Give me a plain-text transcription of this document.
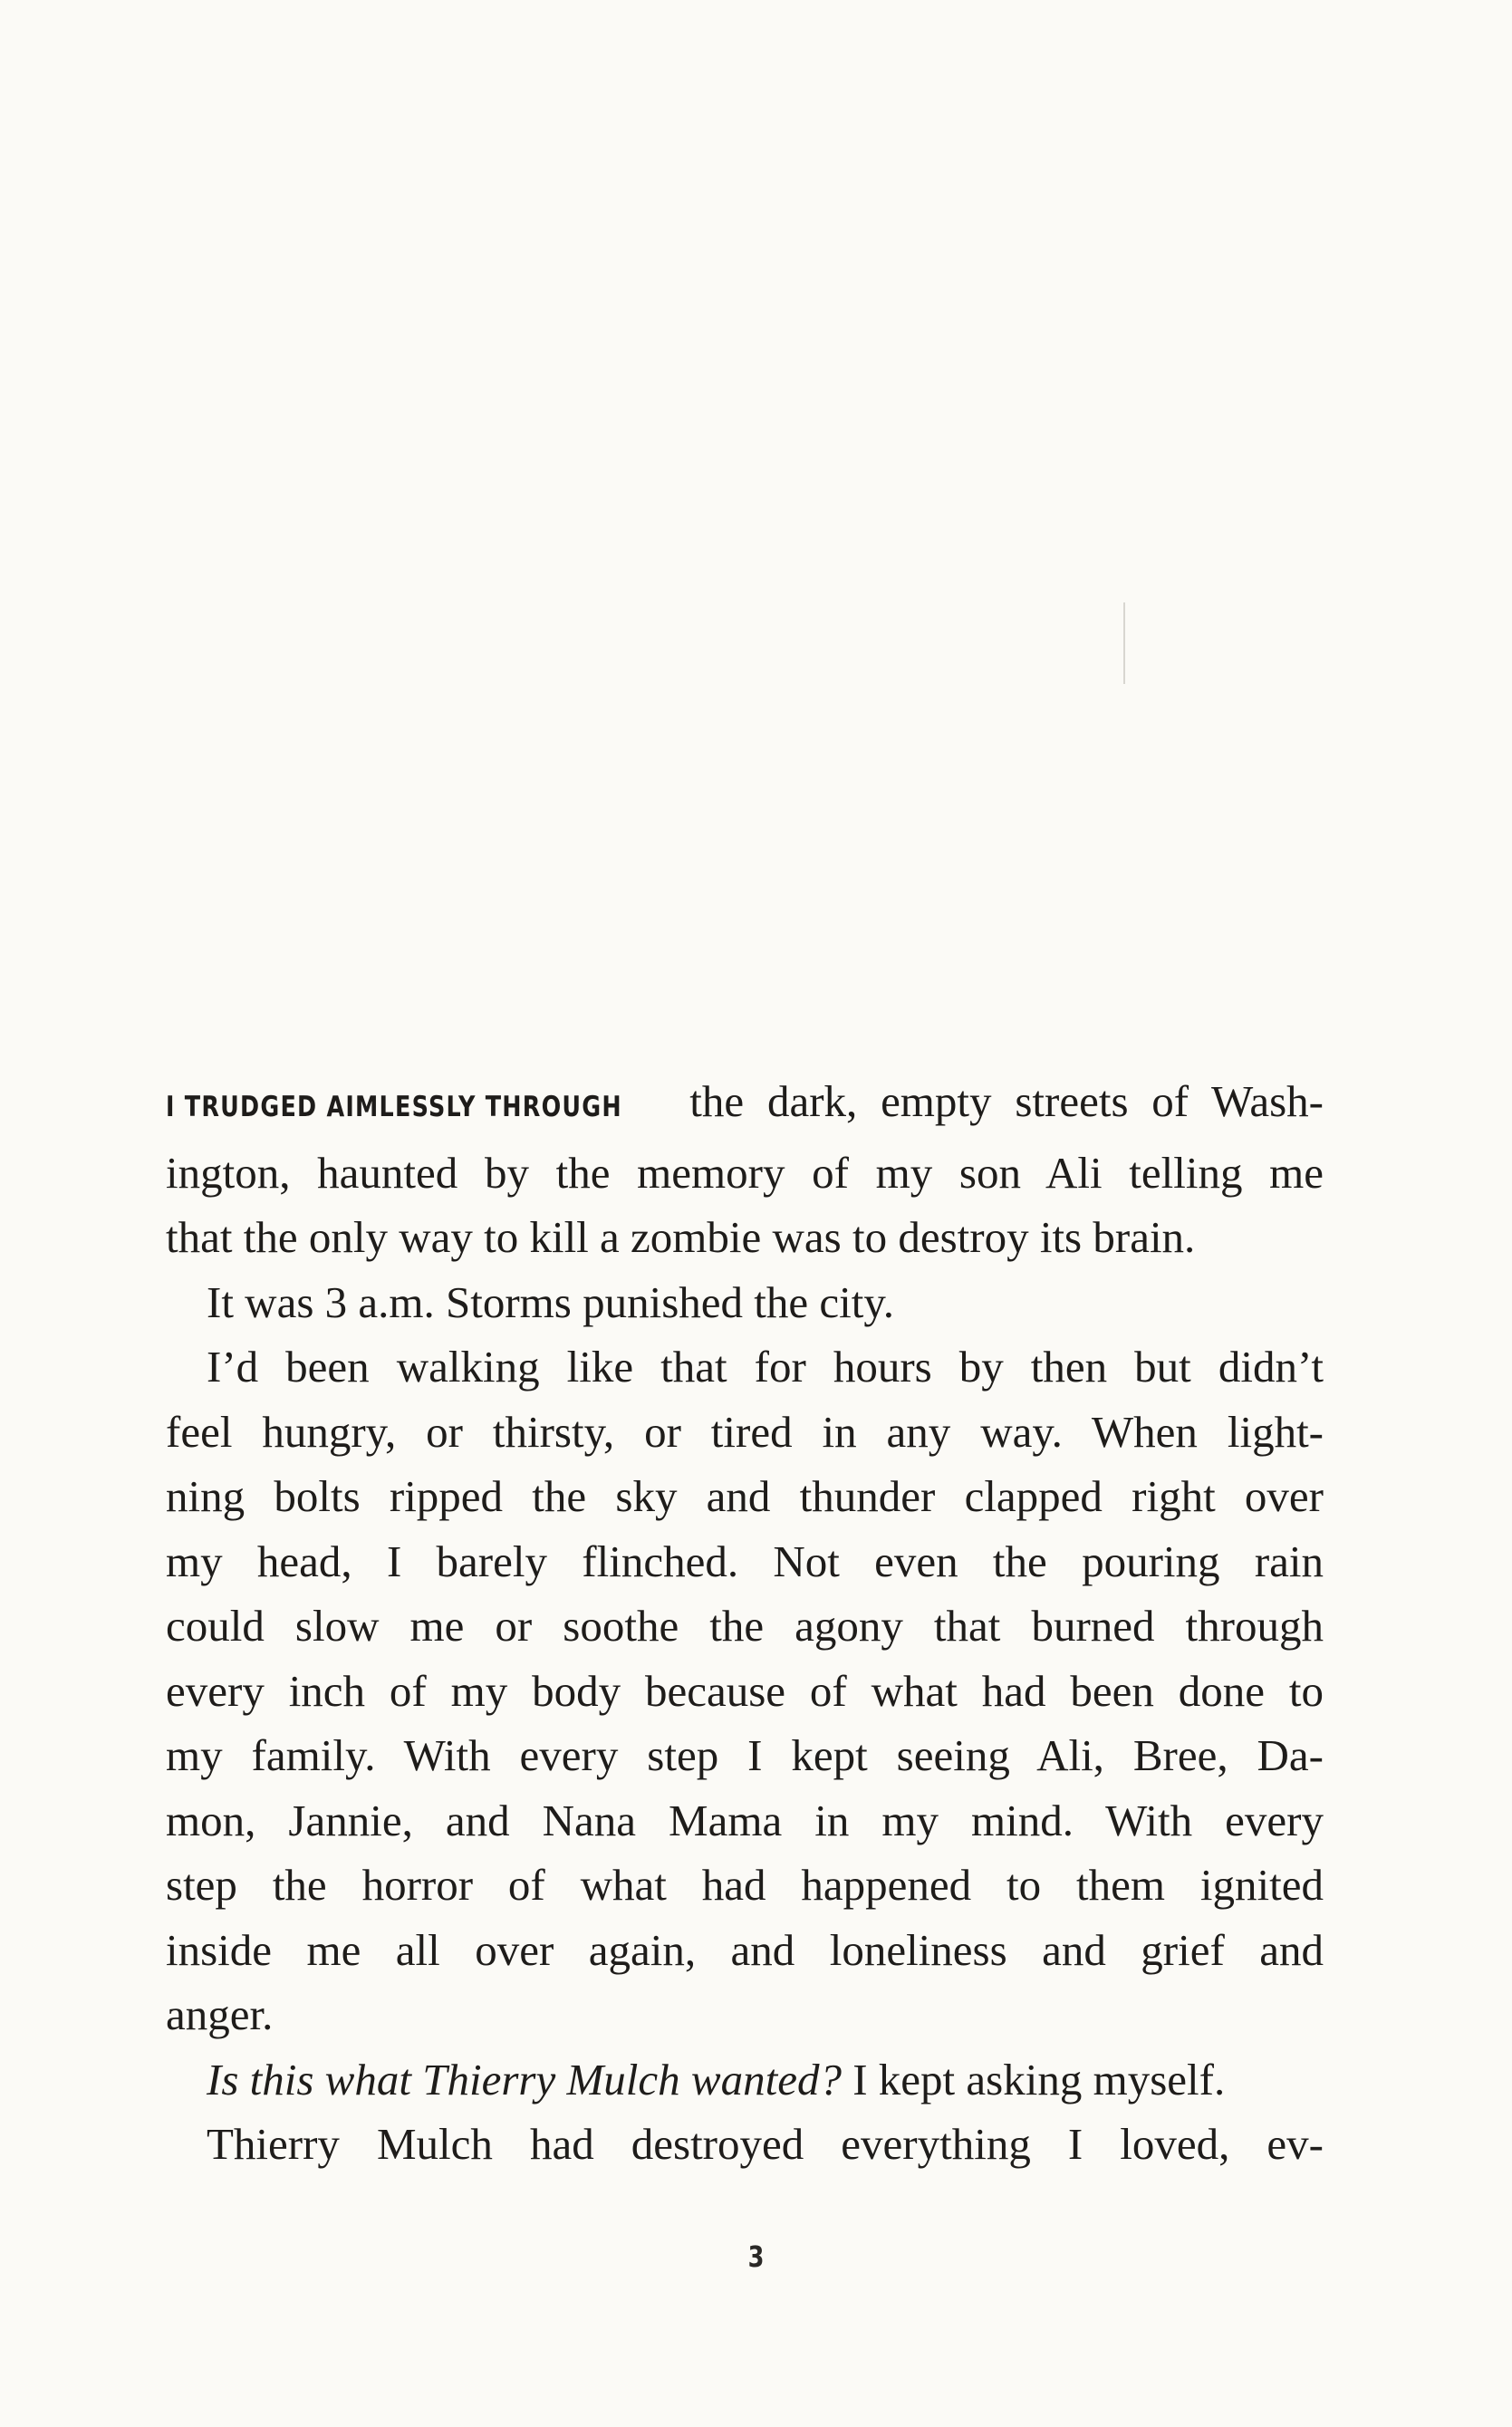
I TRUDGED AIMLESSLY THROUGH the dark, empty streets of Wash-
ington, haunted by the memory of my son Ali telling me
that the only way to kill a zombie was to destroy its brain.
It was 3 a.m. Storms punished the city.
I’d been walking like that for hours by then but didn’t
feel hungry, or thirsty, or tired in any way. When light-
ning bolts ripped the sky and thunder clapped right over
my head, I barely flinched. Not even the pouring rain
could slow me or soothe the agony that burned through
every inch of my body because of what had been done to
my family. With every step I kept seeing Ali, Bree, Da-
mon, Jannie, and Nana Mama in my mind. With every
step the horror of what had happened to them ignited
inside me all over again, and loneliness and grief and
anger.
Is this what Thierry Mulch wanted? I kept asking myself.
Thierry Mulch had destroyed everything I loved, ev-
3
